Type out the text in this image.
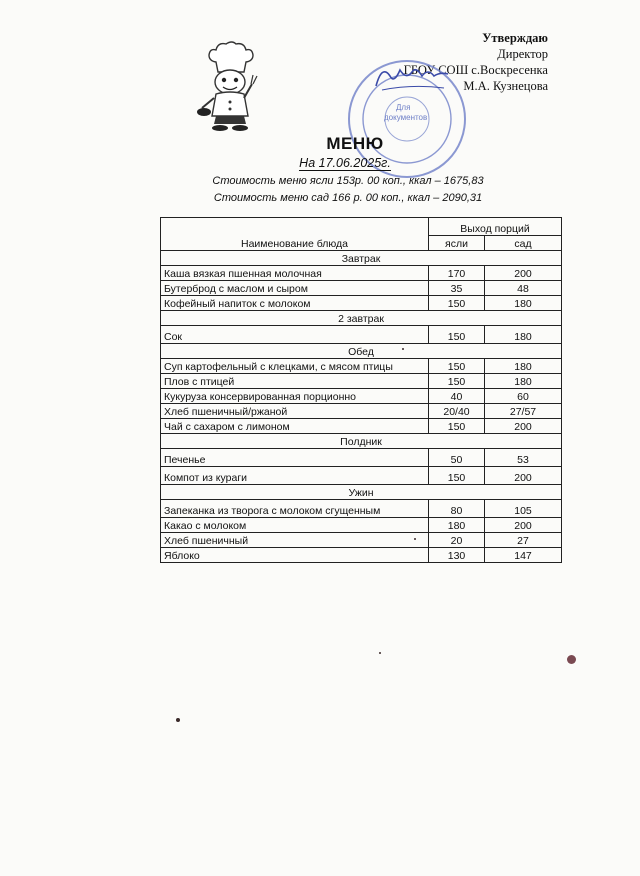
Утверждаю
Директор
ГБОУ СОШ с.Воскресенка
М.А. Кузнецова
Для
документов
МЕНЮ
На 17.06.2025г.
Стоимость меню ясли 153р. 00 коп., ккал – 1675,83
Стоимость меню сад 166 р. 00 коп., ккал – 2090,31
Наименование блюда	Выход порций	
	ясли	сад
Завтрак		
Каша вязкая пшенная молочная	170	200
Бутерброд с маслом и сыром	35	48
Кофейный напиток с молоком	150	180
2 завтрак		
Сок	150	180
Обед		
Суп картофельный с клецками, с мясом птицы	150	180
Плов с птицей	150	180
Кукуруза консервированная порционно	40	60
Хлеб пшеничный/ржаной	20/40	27/57
Чай с сахаром с лимоном	150	200
Полдник		
Печенье	50	53
Компот из кураги	150	200
Ужин		
Запеканка из творога с молоком сгущенным	80	105
Какао с молоком	180	200
Хлеб пшеничный	20	27
Яблоко	130	147
